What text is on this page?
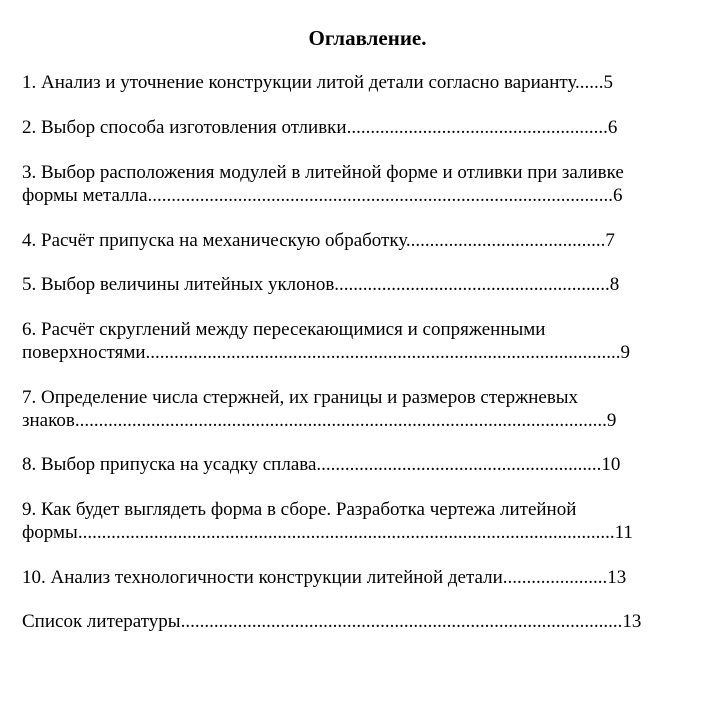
Оглавление.
1. Анализ и уточнение конструкции литой детали согласно варианту......5
2. Выбор способа изготовления отливки.......................................................6
3. Выбор расположения модулей в литейной форме и отливки при заливке
формы металла..................................................................................................6
4. Расчёт припуска на механическую обработку..........................................7
5. Выбор величины литейных уклонов..........................................................8
6. Расчёт скруглений между пересекающимися и сопряженными
поверхностями....................................................................................................9
7. Определение числа стержней, их границы и размеров стержневых
знаков................................................................................................................9
8. Выбор припуска на усадку сплава............................................................10
9. Как будет выглядеть форма в сборе. Разработка чертежа литейной
формы.................................................................................................................11
10. Анализ технологичности конструкции литейной детали......................13
Список литературы.............................................................................................13
